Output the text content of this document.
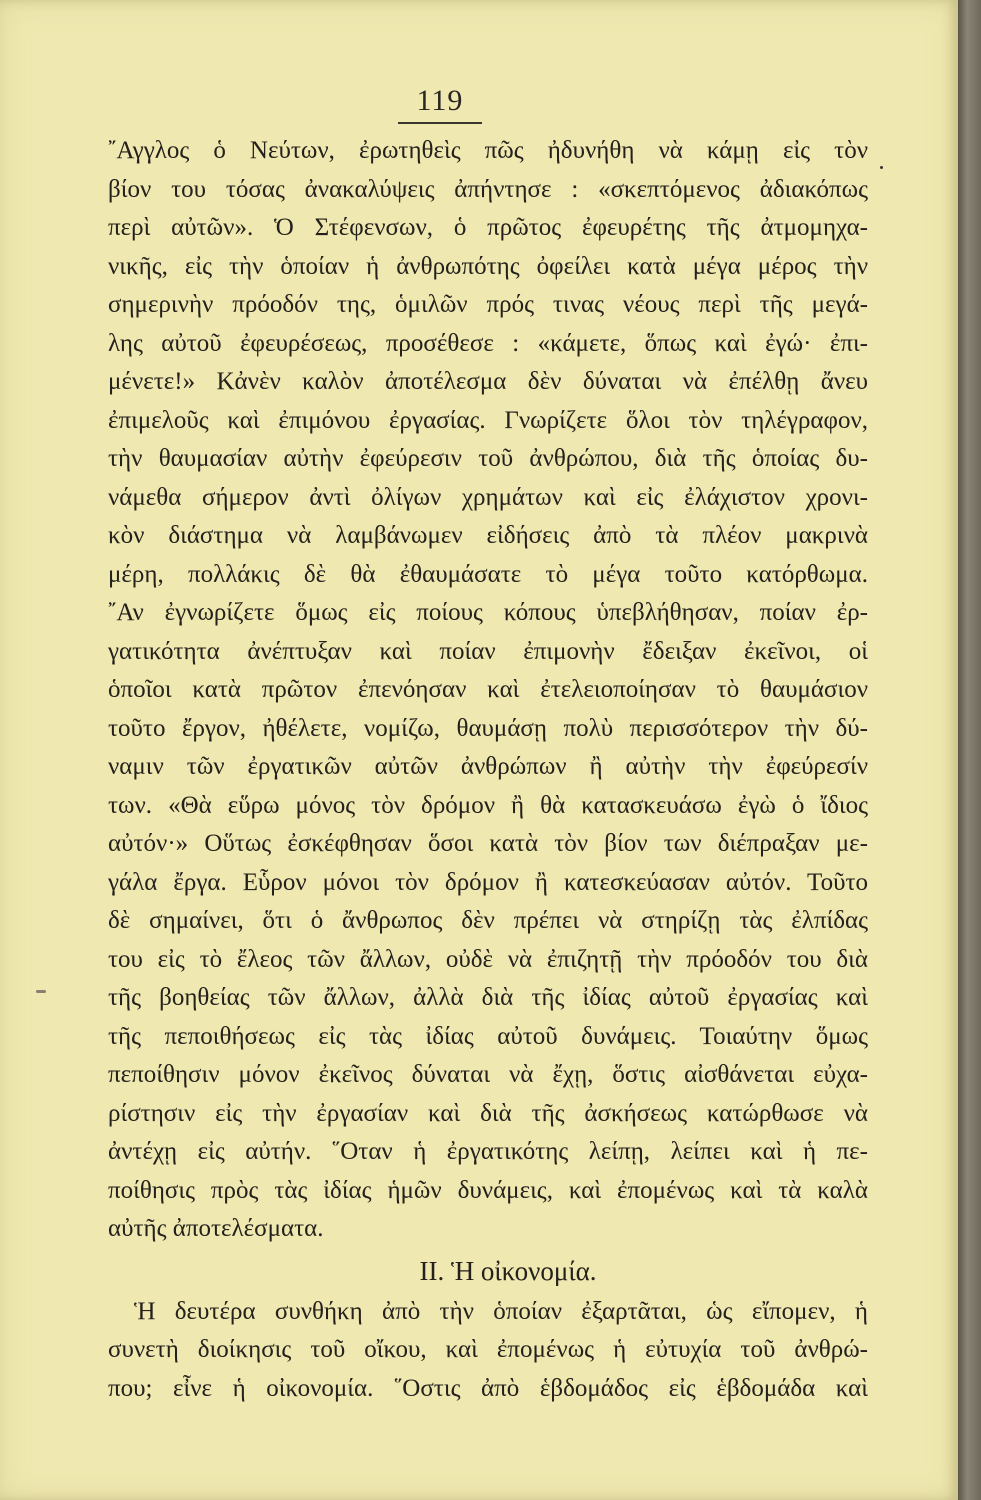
119
῎Αγγλος ὁ Νεύτων, ἐρωτηθεὶς πῶς ἠδυνήθη νὰ κάμῃ εἰς τὸν
βίον του τόσας ἀνακαλύψεις ἀπήντησε : «σκεπτόμενος ἀδιακόπως
περὶ αὐτῶν». Ὁ Στέφενσων, ὁ πρῶτος ἐφευρέτης τῆς ἀτμομηχα-
νικῆς, εἰς τὴν ὁποίαν ἡ ἀνθρωπότης ὀφείλει κατὰ μέγα μέρος τὴν
σημερινὴν πρόοδόν της, ὁμιλῶν πρός τινας νέους περὶ τῆς μεγά-
λης αὐτοῦ ἐφευρέσεως, προσέθεσε : «κάμετε, ὅπως καὶ ἐγώ· ἐπι-
μένετε!» Κἀνὲν καλὸν ἀποτέλεσμα δὲν δύναται νὰ ἐπέλθῃ ἄνευ
ἐπιμελοῦς καὶ ἐπιμόνου ἐργασίας. Γνωρίζετε ὅλοι τὸν τηλέγραφον,
τὴν θαυμασίαν αὐτὴν ἐφεύρεσιν τοῦ ἀνθρώπου, διὰ τῆς ὁποίας δυ-
νάμεθα σήμερον ἀντὶ ὀλίγων χρημάτων καὶ εἰς ἐλάχιστον χρονι-
κὸν διάστημα νὰ λαμβάνωμεν εἰδήσεις ἀπὸ τὰ πλέον μακρινὰ
μέρη, πολλάκις δὲ θὰ ἐθαυμάσατε τὸ μέγα τοῦτο κατόρθωμα.
῎Αν ἐγνωρίζετε ὅμως εἰς ποίους κόπους ὑπεβλήθησαν, ποίαν ἐρ-
γατικότητα ἀνέπτυξαν καὶ ποίαν ἐπιμονὴν ἔδειξαν ἐκεῖνοι, οἱ
ὁποῖοι κατὰ πρῶτον ἐπενόησαν καὶ ἐτελειοποίησαν τὸ θαυμάσιον
τοῦτο ἔργον, ἠθέλετε, νομίζω, θαυμάσῃ πολὺ περισσότερον τὴν δύ-
ναμιν τῶν ἐργατικῶν αὐτῶν ἀνθρώπων ἢ αὐτὴν τὴν ἐφεύρεσίν
των. «Θὰ εὕρω μόνος τὸν δρόμον ἢ θὰ κατασκευάσω ἐγὼ ὁ ἴδιος
αὐτόν·» Οὕτως ἐσκέφθησαν ὅσοι κατὰ τὸν βίον των διέπραξαν με-
γάλα ἔργα. Εὗρον μόνοι τὸν δρόμον ἢ κατεσκεύασαν αὐτόν. Τοῦτο
δὲ σημαίνει, ὅτι ὁ ἄνθρωπος δὲν πρέπει νὰ στηρίζῃ τὰς ἐλπίδας
του εἰς τὸ ἔλεος τῶν ἄλλων, οὐδὲ νὰ ἐπιζητῇ τὴν πρόοδόν του διὰ
τῆς βοηθείας τῶν ἄλλων, ἀλλὰ διὰ τῆς ἰδίας αὐτοῦ ἐργασίας καὶ
τῆς πεποιθήσεως εἰς τὰς ἰδίας αὐτοῦ δυνάμεις. Τοιαύτην ὅμως
πεποίθησιν μόνον ἐκεῖνος δύναται νὰ ἔχῃ, ὅστις αἰσθάνεται εὐχα-
ρίστησιν εἰς τὴν ἐργασίαν καὶ διὰ τῆς ἀσκήσεως κατώρθωσε νὰ
ἀντέχῃ εἰς αὐτήν. ῞Οταν ἡ ἐργατικότης λείπῃ, λείπει καὶ ἡ πε-
ποίθησις πρὸς τὰς ἰδίας ἡμῶν δυνάμεις, καὶ ἐπομένως καὶ τὰ καλὰ
αὐτῆς ἀποτελέσματα.
II. Ἡ οἰκονομία.
Ἡ δευτέρα συνθήκη ἀπὸ τὴν ὁποίαν ἐξαρτᾶται, ὡς εἴπομεν, ἡ
συνετὴ διοίκησις τοῦ οἴκου, καὶ ἐπομένως ἡ εὐτυχία τοῦ ἀνθρώ-
που; εἶνε ἡ οἰκονομία. ῞Οστις ἀπὸ ἑβδομάδος εἰς ἑβδομάδα καὶ
